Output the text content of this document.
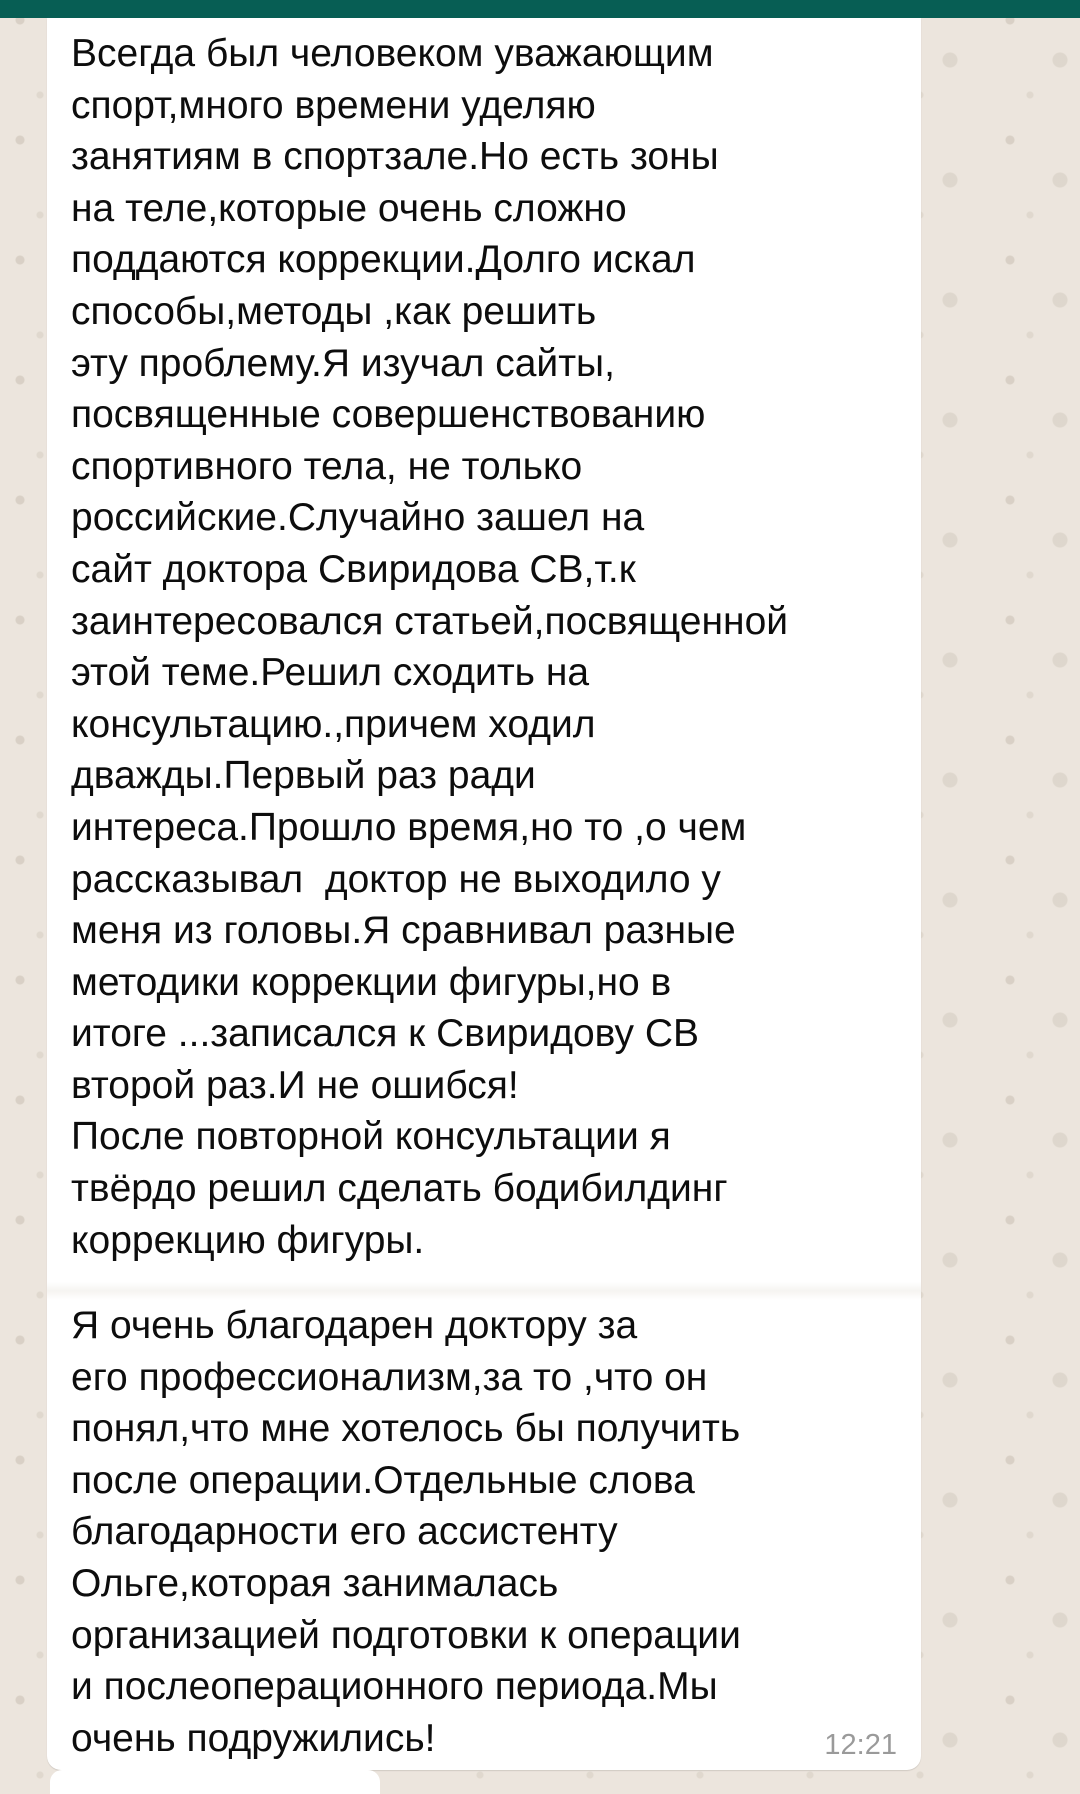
Всегда был человеком уважающим
спорт,много времени уделяю
занятиям в спортзале.Но есть зоны
на теле,которые очень сложно
поддаются коррекции.Долго искал
способы,методы ,как решить
эту проблему.Я изучал сайты,
посвященные совершенствованию
спортивного тела, не только
российские.Случайно зашел на
сайт доктора Свиридова СВ,т.к
заинтересовался статьей,посвященной
этой теме.Решил сходить на
консультацию.,причем ходил
дважды.Первый раз ради
интереса.Прошло время,но то ,о чем
рассказывал  доктор не выходило у
меня из головы.Я сравнивал разные
методики коррекции фигуры,но в
итоге ...записался к Свиридову СВ
второй раз.И не ошибся!
После повторной консультации я
твёрдо решил сделать бодибилдинг
коррекцию фигуры.

Я очень благодарен доктору за
его профессионализм,за то ,что он
понял,что мне хотелось бы получить
после операции.Отдельные слова
благодарности его ассистенту
Ольге,которая занималась
организацией подготовки к операции
и послеоперационного периода.Мы
очень подружились!	12:21
